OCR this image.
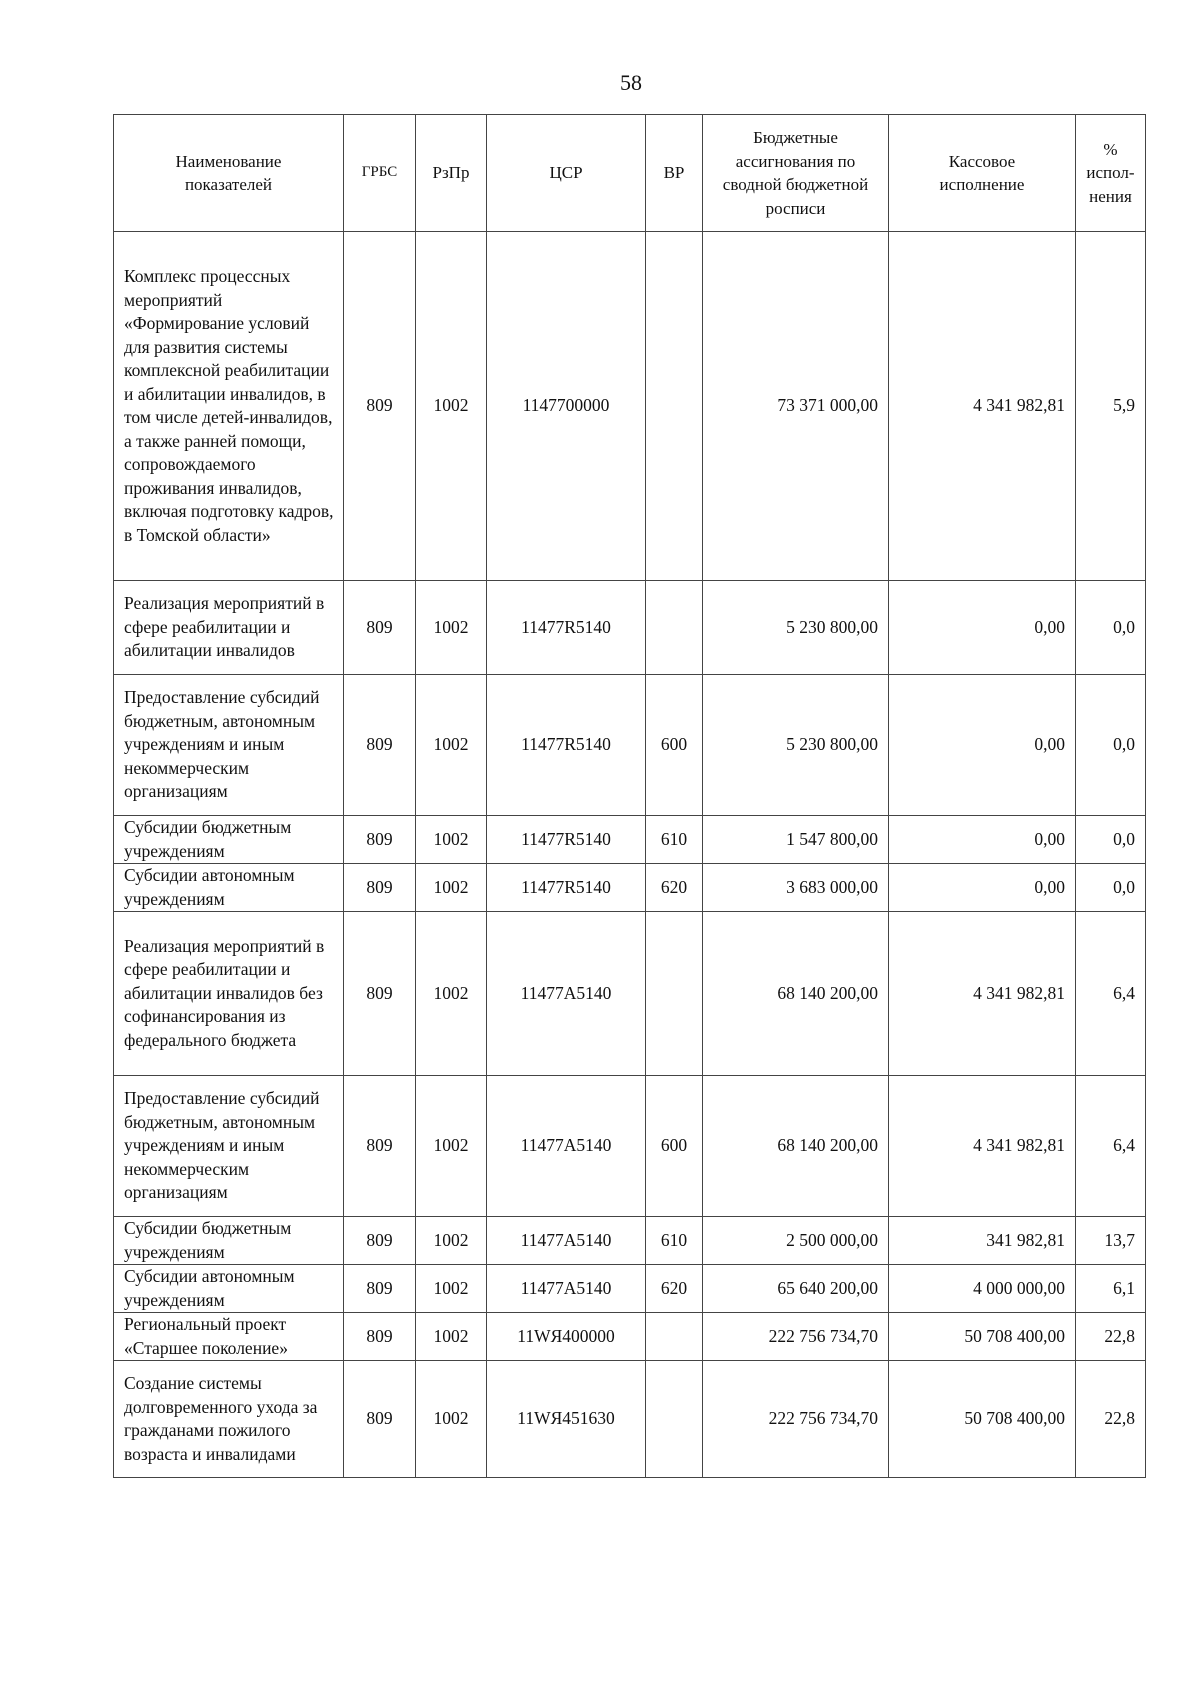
58
Наименование показателей	ГРБС	РзПр	ЦСР	ВР	Бюджетные ассигнования по сводной бюджетной росписи	Кассовое исполнение	% испол-нения
Комплекс процессных мероприятий «Формирование условий для развития системы комплексной реабилитации и абилитации инвалидов, в том числе детей-инвалидов, а также ранней помощи, сопровождаемого проживания инвалидов, включая подготовку кадров, в Томской области»	809	1002	1147700000		73 371 000,00	4 341 982,81	5,9
Реализация мероприятий в сфере реабилитации и абилитации инвалидов	809	1002	11477R5140		5 230 800,00	0,00	0,0
Предоставление субсидий бюджетным, автономным учреждениям и иным некоммерческим организациям	809	1002	11477R5140	600	5 230 800,00	0,00	0,0
Субсидии бюджетным учреждениям	809	1002	11477R5140	610	1 547 800,00	0,00	0,0
Субсидии автономным учреждениям	809	1002	11477R5140	620	3 683 000,00	0,00	0,0
Реализация мероприятий в сфере реабилитации и абилитации инвалидов без софинансирования из федерального бюджета	809	1002	11477A5140		68 140 200,00	4 341 982,81	6,4
Предоставление субсидий бюджетным, автономным учреждениям и иным некоммерческим организациям	809	1002	11477A5140	600	68 140 200,00	4 341 982,81	6,4
Субсидии бюджетным учреждениям	809	1002	11477A5140	610	2 500 000,00	341 982,81	13,7
Субсидии автономным учреждениям	809	1002	11477A5140	620	65 640 200,00	4 000 000,00	6,1
Региональный проект «Старшее поколение»	809	1002	11WЯ400000		222 756 734,70	50 708 400,00	22,8
Создание системы долговременного ухода за гражданами пожилого возраста и инвалидами	809	1002	11WЯ451630		222 756 734,70	50 708 400,00	22,8
